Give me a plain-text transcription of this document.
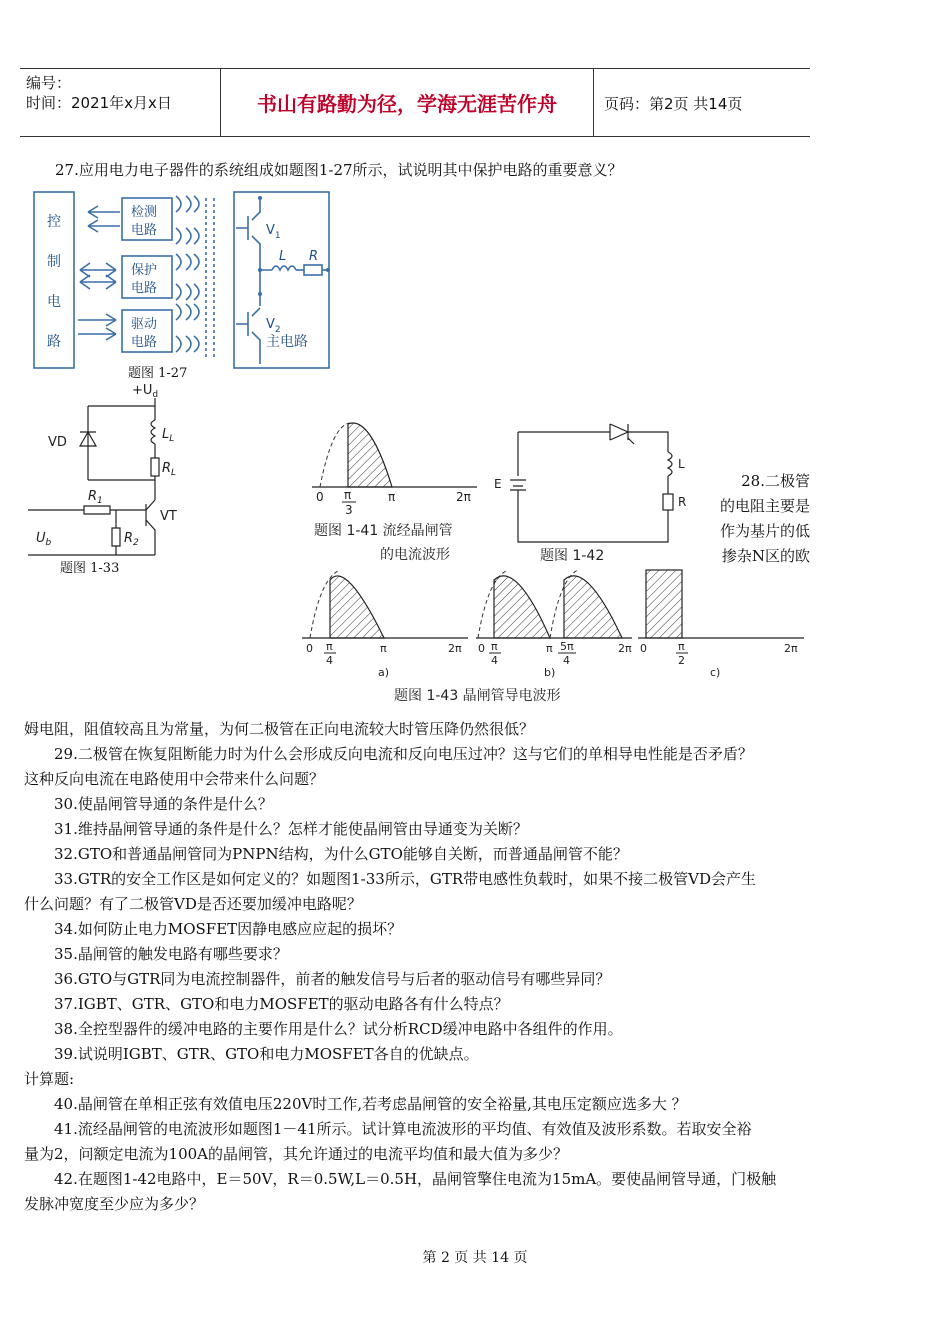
编号：
时间：2021年x月x日	书山有路勤为径，学海无涯苦作舟	页码：第2页 共14页
27.应用电力电子器件的系统组成如题图1-27所示，试说明其中保护电路的重要意义？
控
制
电
路
检测
电路
保护
电路
驱动
电路
$V_1$
L R
$V_2$
主电路
题图 1-27
$+U_d$
VD
$L_L$
$R_L$
$R_1$
VT
$R_2$
$U_b$
题图 1-33
0 π
3
π	2π
题图 1-41 流经晶闸管
的电流波形
E
L
R
题图 1-42
28.二极管
的电阻主要是
作为基片的低
掺杂N区的欧
0 π
4
π	2π 0 π
4
π 5π
4
2π 0	π
2
2π
a)	b)	c)
题图 1-43 晶闸管导电波形
姆电阻，阻值较高且为常量，为何二极管在正向电流较大时管压降仍然很低？
29.二极管在恢复阻断能力时为什么会形成反向电流和反向电压过冲？这与它们的单相导电性能是否矛盾？
这种反向电流在电路使用中会带来什么问题？
30.使晶闸管导通的条件是什么？
31.维持晶闸管导通的条件是什么？怎样才能使晶闸管由导通变为关断？
32.GTO和普通晶闸管同为PNPN结构，为什么GTO能够自关断，而普通晶闸管不能？
33.GTR的安全工作区是如何定义的？如题图1-33所示，GTR带电感性负载时，如果不接二极管VD会产生
什么问题？有了二极管VD是否还要加缓冲电路呢？
34.如何防止电力MOSFET因静电感应应起的损坏？
35.晶闸管的触发电路有哪些要求？
36.GTO与GTR同为电流控制器件，前者的触发信号与后者的驱动信号有哪些异同？
37.IGBT、GTR、GTO和电力MOSFET的驱动电路各有什么特点？
38.全控型器件的缓冲电路的主要作用是什么？试分析RCD缓冲电路中各组件的作用。
39.试说明IGBT、GTR、GTO和电力MOSFET各自的优缺点。
计算题:
40.晶闸管在单相正弦有效值电压220V时工作,若考虑晶闸管的安全裕量,其电压定额应选多大 ？
41.流经晶闸管的电流波形如题图1－41所示。试计算电流波形的平均值、有效值及波形系数。若取安全裕
量为2，问额定电流为100A的晶闸管，其允许通过的电流平均值和最大值为多少？
42.在题图1-42电路中，E＝50V，R＝0.5W,L＝0.5H，晶闸管擎住电流为15mA。要使晶闸管导通，门极触
发脉冲宽度至少应为多少？
第 2 页 共 14 页
